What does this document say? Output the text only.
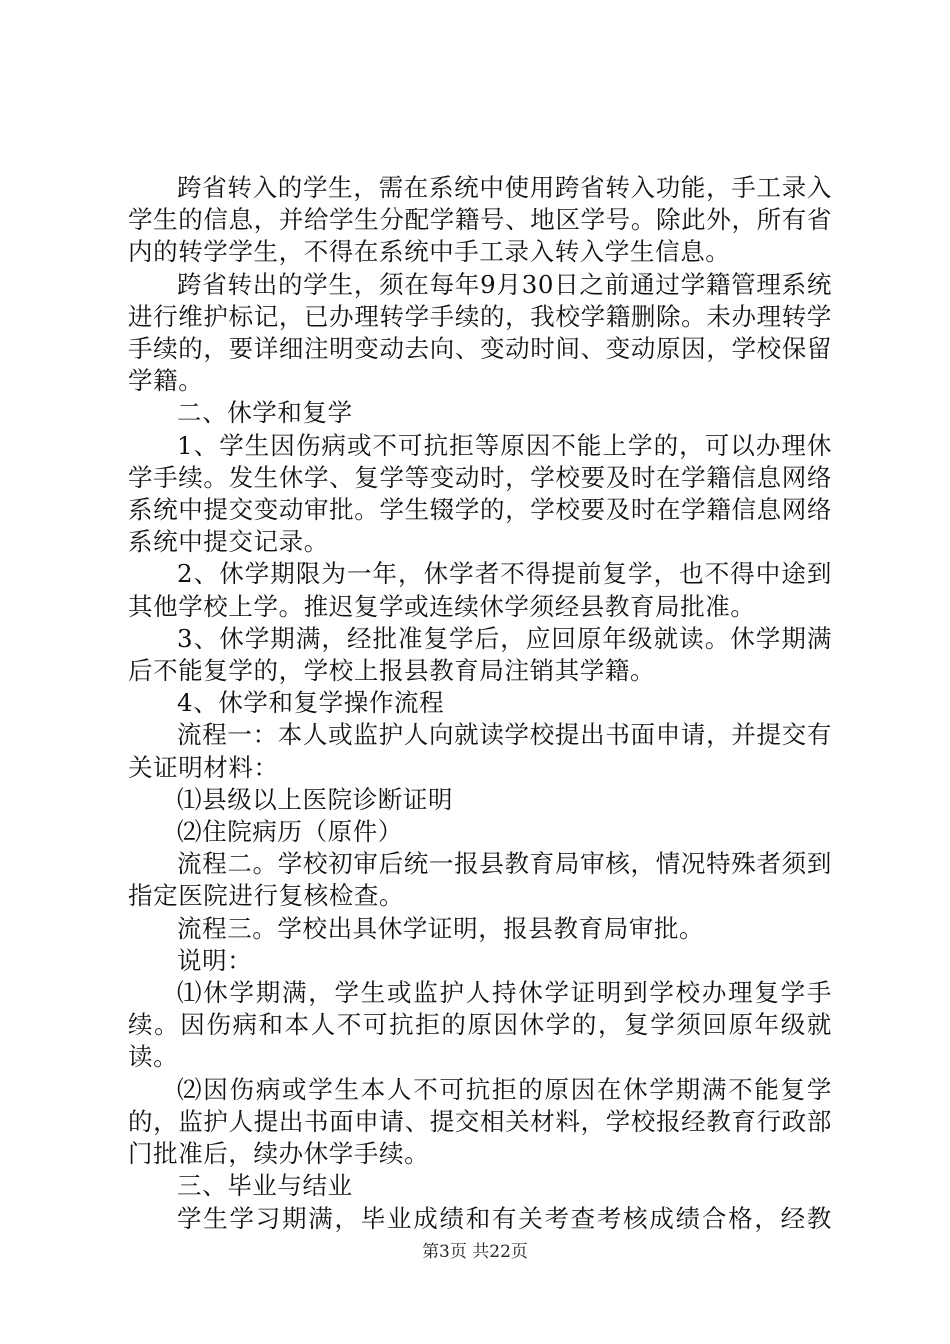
跨省转入的学生，需在系统中使用跨省转入功能，手工录入学生的信息，并给学生分配学籍号、地区学号。除此外，所有省内的转学学生，不得在系统中手工录入转入学生信息。

跨省转出的学生，须在每年9月30日之前通过学籍管理系统进行维护标记，已办理转学手续的，我校学籍删除。未办理转学手续的，要详细注明变动去向、变动时间、变动原因，学校保留学籍。

二、休学和复学

1、学生因伤病或不可抗拒等原因不能上学的，可以办理休学手续。发生休学、复学等变动时，学校要及时在学籍信息网络系统中提交变动审批。学生辍学的，学校要及时在学籍信息网络系统中提交记录。

2、休学期限为一年，休学者不得提前复学，也不得中途到其他学校上学。推迟复学或连续休学须经县教育局批准。

3、休学期满，经批准复学后，应回原年级就读。休学期满后不能复学的，学校上报县教育局注销其学籍。

4、休学和复学操作流程

流程一：本人或监护人向就读学校提出书面申请，并提交有关证明材料：

⑴县级以上医院诊断证明

⑵住院病历（原件）

流程二。学校初审后统一报县教育局审核，情况特殊者须到指定医院进行复核检查。

流程三。学校出具休学证明，报县教育局审批。

说明：

⑴休学期满，学生或监护人持休学证明到学校办理复学手续。因伤病和本人不可抗拒的原因休学的，复学须回原年级就读。

⑵因伤病或学生本人不可抗拒的原因在休学期满不能复学的，监护人提出书面申请、提交相关材料，学校报经教育行政部门批准后，续办休学手续。

三、毕业与结业

学生学习期满，毕业成绩和有关考查考核成绩合格，经教

第3页 共22页
